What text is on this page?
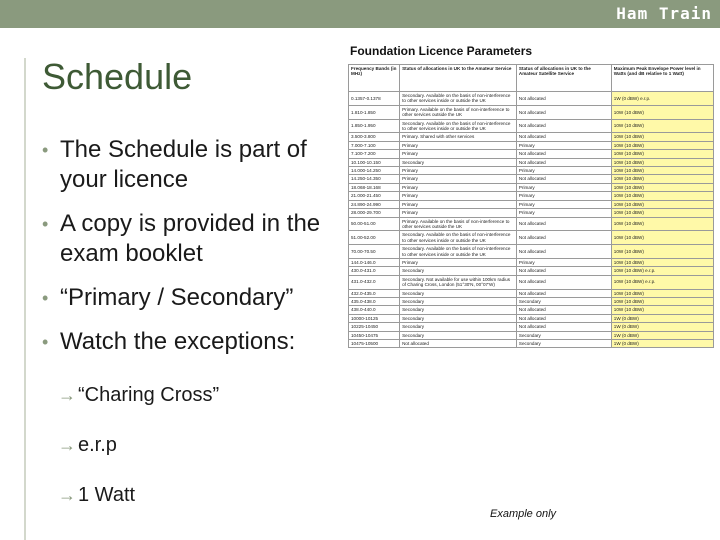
Ham Train
Schedule
• The Schedule is part of your licence
• A copy is provided in the exam booklet
• “Primary / Secondary”
• Watch the exceptions:
→ “Charing Cross”
→ e.r.p
→ 1 Watt
Foundation Licence Parameters
Frequency Bands (in MHz)	Status of allocations in UK to the Amateur Service	Status of allocations in UK to the Amateur Satellite Service	Maximum Peak Envelope Power level in Watts (and dB relative to 1 Watt)
0.1357-0.1378	Secondary. Available on the basis of non-interference to other services inside or outside the UK	Not allocated	1W (0 dBW) e.r.p.
1.810-1.850	Primary. Available on the basis of non-interference to other services outside the UK	Not allocated	10W (10 dBW)
1.850-1.950	Secondary. Available on the basis of non-interference to other services inside or outside the UK	Not allocated	10W (10 dBW)
3.500-3.800	Primary. Shared with other services	Not allocated	10W (10 dBW)
7.000-7.100	Primary	Primary	10W (10 dBW)
7.100-7.200	Primary	Not allocated	10W (10 dBW)
10.100-10.150	Secondary	Not allocated	10W (10 dBW)
14.000-14.250	Primary	Primary	10W (10 dBW)
14.250-14.350	Primary	Not allocated	10W (10 dBW)
18.068-18.168	Primary	Primary	10W (10 dBW)
21.000-21.450	Primary	Primary	10W (10 dBW)
24.890-24.990	Primary	Primary	10W (10 dBW)
28.000-29.700	Primary	Primary	10W (10 dBW)
50.00-51.00	Primary. Available on the basis of non-interference to other services outside the UK	Not allocated	10W (10 dBW)
51.00-52.00	Secondary. Available on the basis of non-interference to other services inside or outside the UK	Not allocated	10W (10 dBW)
70.00-70.50	Secondary. Available on the basis of non-interference to other services inside or outside the UK	Not allocated	10W (10 dBW)
144.0-146.0	Primary	Primary	10W (10 dBW)
430.0-431.0	Secondary	Not allocated	10W (10 dBW) e.r.p.
431.0-432.0	Secondary. Not available for use within 100km radius of Charing Cross, London (51°30'N, 00°07'W)	Not allocated	10W (10 dBW) e.r.p.
432.0-435.0	Secondary	Not allocated	10W (10 dBW)
435.0-438.0	Secondary	Secondary	10W (10 dBW)
438.0-440.0	Secondary	Not allocated	10W (10 dBW)
10000-10125	Secondary	Not allocated	1W (0 dBW)
10225-10450	Secondary	Not allocated	1W (0 dBW)
10450-10475	Secondary	Secondary	1W (0 dBW)
10475-10500	Not allocated	Secondary	1W (0 dBW)
Example only
